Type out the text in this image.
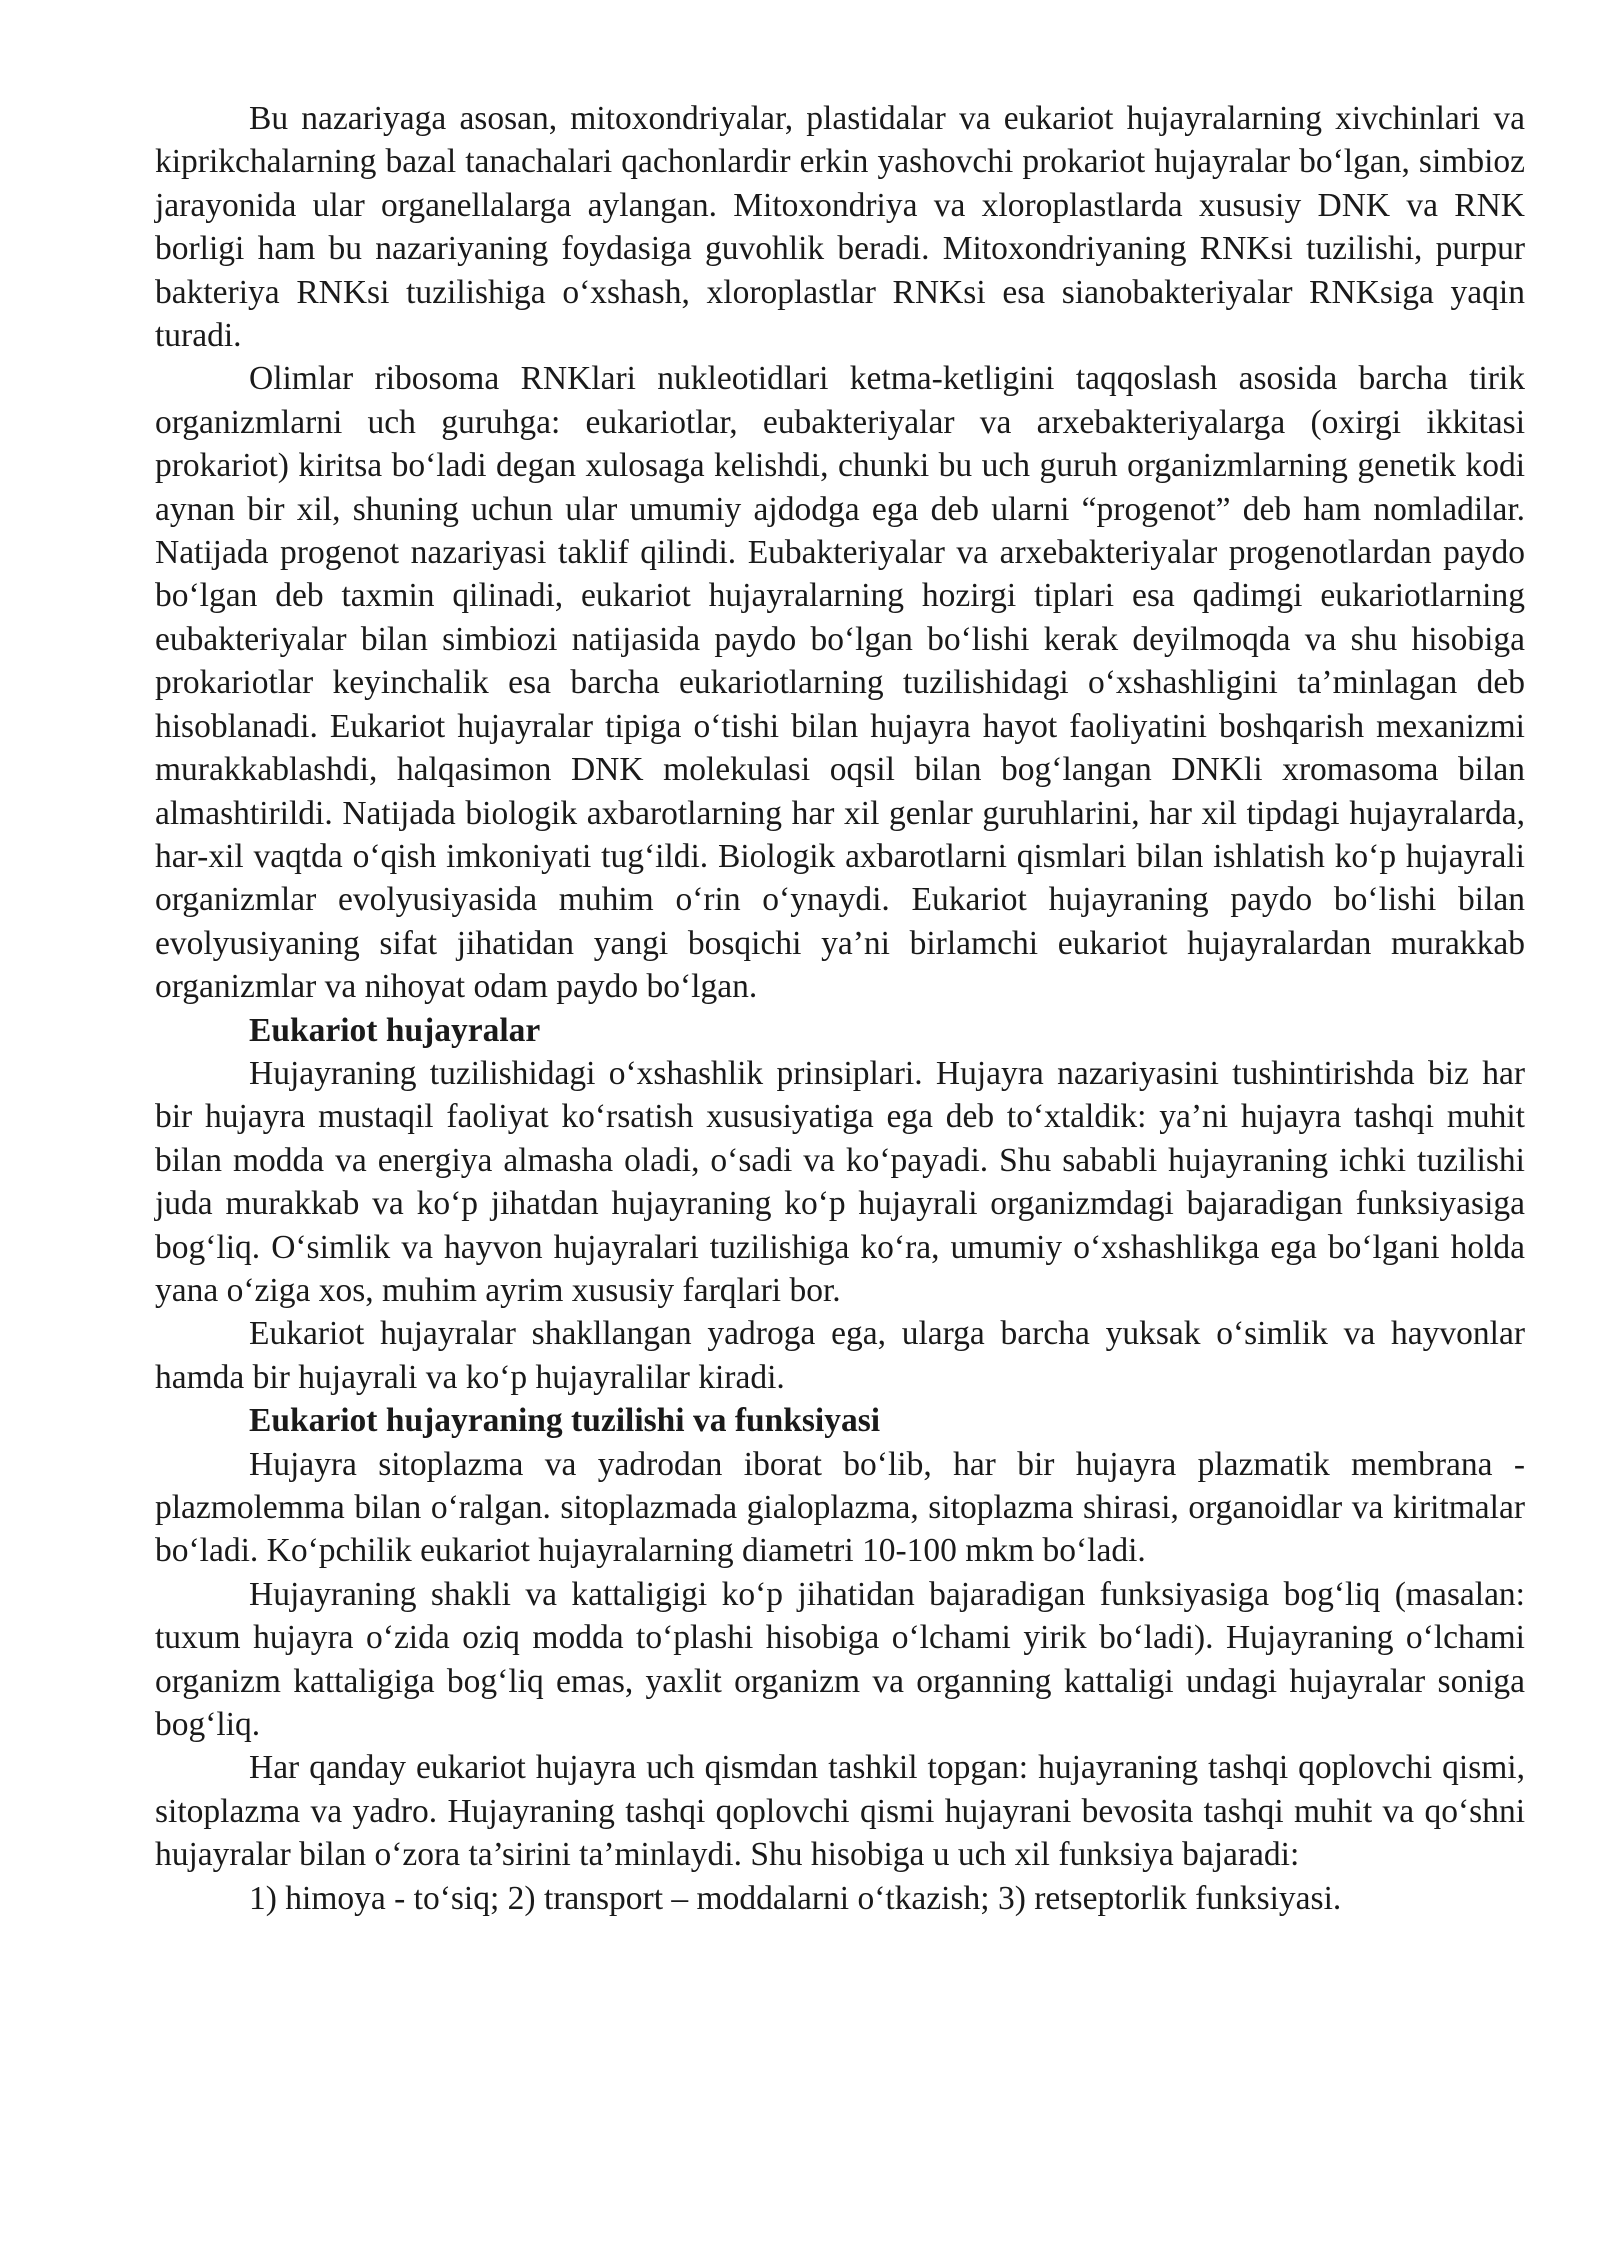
Bu nazariyaga asosan, mitoxondriyalar, plastidalar va eukariot hujayralarning xivchinlari va kiprikchalarning bazal tanachalari qachonlardir erkin yashovchi prokariot hujayralar bo‘lgan, simbioz jarayonida ular organellalarga aylangan. Mitoxondriya va xloroplastlarda xususiy DNK va RNK borligi ham bu nazariyaning foydasiga guvohlik beradi. Mitoxondriyaning RNKsi tuzilishi, purpur bakteriya RNKsi tuzilishiga o‘xshash, xloroplastlar RNKsi esa sianobakteriyalar RNKsiga yaqin turadi.

Olimlar ribosoma RNKlari nukleotidlari ketma-ketligini taqqoslash asosida barcha tirik organizmlarni uch guruhga: eukariotlar, eubakteriyalar va arxebakteriyalarga (oxirgi ikkitasi prokariot) kiritsa bo‘ladi degan xulosaga kelishdi, chunki bu uch guruh organizmlarning genetik kodi aynan bir xil, shuning uchun ular umumiy ajdodga ega deb ularni “progenot” deb ham nomladilar. Natijada progenot nazariyasi taklif qilindi. Eubakteriyalar va arxebakteriyalar progenotlardan paydo bo‘lgan deb taxmin qilinadi, eukariot hujayralarning hozirgi tiplari esa qadimgi eukariotlarning eubakteriyalar bilan simbiozi natijasida paydo bo‘lgan bo‘lishi kerak deyilmoqda va shu hisobiga prokariotlar keyinchalik esa barcha eukariotlarning tuzilishidagi o‘xshashligini ta’minlagan deb hisoblanadi. Eukariot hujayralar tipiga o‘tishi bilan hujayra hayot faoliyatini boshqarish mexanizmi murakkablashdi, halqasimon DNK molekulasi oqsil bilan bog‘langan DNKli xromasoma bilan almashtirildi. Natijada biologik axbarotlarning har xil genlar guruhlarini, har xil tipdagi hujayralarda, har-xil vaqtda o‘qish imkoniyati tug‘ildi. Biologik axbarotlarni qismlari bilan ishlatish ko‘p hujayrali organizmlar evolyusiyasida muhim o‘rin o‘ynaydi. Eukariot hujayraning paydo bo‘lishi bilan evolyusiyaning sifat jihatidan yangi bosqichi ya’ni birlamchi eukariot hujayralardan murakkab organizmlar va nihoyat odam paydo bo‘lgan.

Eukariot hujayralar

Hujayraning tuzilishidagi o‘xshashlik prinsiplari. Hujayra nazariyasini tushintirishda biz har bir hujayra mustaqil faoliyat ko‘rsatish xususiyatiga ega deb to‘xtaldik: ya’ni hujayra tashqi muhit bilan modda va energiya almasha oladi, o‘sadi va ko‘payadi. Shu sababli hujayraning ichki tuzilishi juda murakkab va ko‘p jihatdan hujayraning ko‘p hujayrali organizmdagi bajaradigan funksiyasiga bog‘liq. O‘simlik va hayvon hujayralari tuzilishiga ko‘ra, umumiy o‘xshashlikga ega bo‘lgani holda yana o‘ziga xos, muhim ayrim xususiy farqlari bor.

Eukariot hujayralar shakllangan yadroga ega, ularga barcha yuksak o‘simlik va hayvonlar hamda bir hujayrali va ko‘p hujayralilar kiradi.

Eukariot hujayraning tuzilishi va funksiyasi

Hujayra sitoplazma va yadrodan iborat bo‘lib, har bir hujayra plazmatik membrana - plazmolemma bilan o‘ralgan. sitoplazmada gialoplazma, sitoplazma shirasi, organoidlar va kiritmalar bo‘ladi. Ko‘pchilik eukariot hujayralarning diametri 10-100 mkm bo‘ladi.

Hujayraning shakli va kattaligigi ko‘p jihatidan bajaradigan funksiyasiga bog‘liq (masalan: tuxum hujayra o‘zida oziq modda to‘plashi hisobiga o‘lchami yirik bo‘ladi). Hujayraning o‘lchami organizm kattaligiga bog‘liq emas, yaxlit organizm va organning kattaligi undagi hujayralar soniga bog‘liq.

Har qanday eukariot hujayra uch qismdan tashkil topgan: hujayraning tashqi qoplovchi qismi, sitoplazma va yadro. Hujayraning tashqi qoplovchi qismi hujayrani bevosita tashqi muhit va qo‘shni hujayralar bilan o‘zora ta’sirini ta’minlaydi. Shu hisobiga u uch xil funksiya bajaradi:

1) himoya - to‘siq; 2) transport – moddalarni o‘tkazish; 3) retseptorlik funksiyasi.
